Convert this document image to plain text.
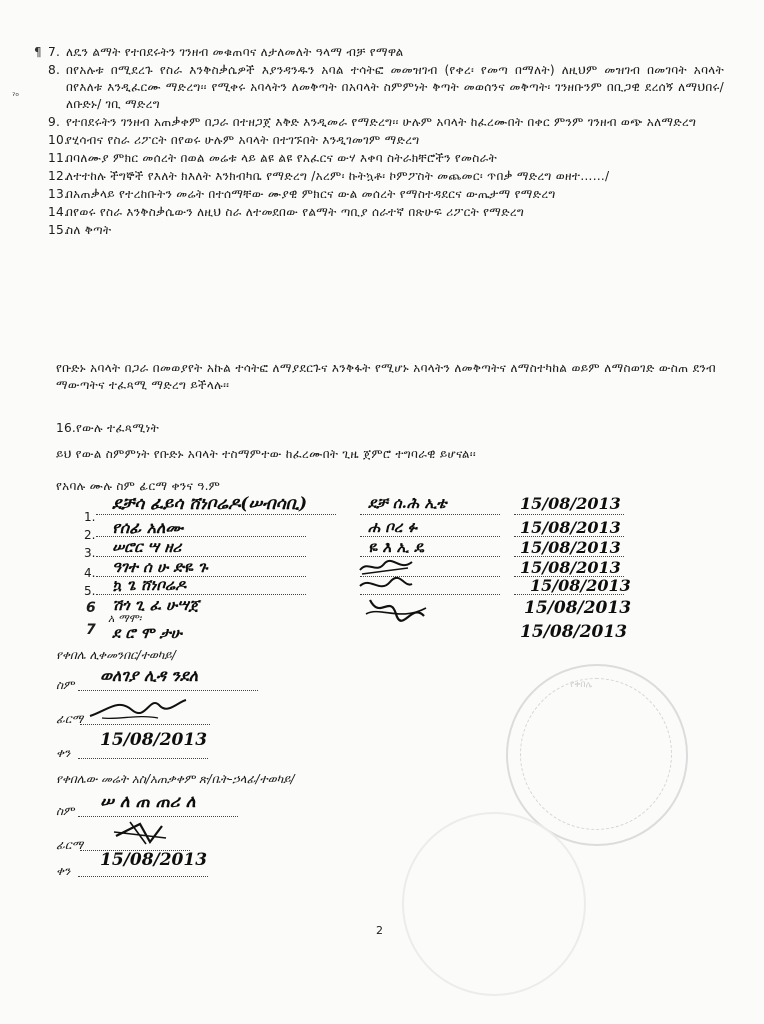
¶
ˀᵒ
7. ለዴን ልማት የተበደሩትን ገንዘብ መቁጠባና ለታለመለት ዓላማ ብቻ የማዋል
8. በየአሉቱ በሚደረጉ የስራ እንቅስቃሴዎች እያንዳንዱን አባል ተሳትፎ መመዝገብ (የቀረ፡ የመጣ በማለት) ለዚህም መዝገብ በመገባት አባላት በየእለቱ እንዲፈርሙ ማድረግ፡፡ የሚቀሩ አባላትን ለመቅጣት በአባላት ስምምነት ቅጣት መወሰንና መቅጣት፡ ገንዘቡንም በቢጋዊ ደረሰኝ ለማህበሩ/ለቡድኑ/ ገቢ ማድረግ
9. የተበደሩትን ገንዘብ አጠቃቀም በጋራ በተዘጋጀ እቅድ እንዲመራ የማድረግ፡፡ ሁሉም አባላት ከፈረሙበት በቀር ምንም ገንዘብ ወጭ አለማድረግ
10.
የሂሳብና የስራ ሪፖርት በየወሩ ሁሉም አባላት በተገኙበት እንዲገመገም ማድረግ
11.
በባለሙያ ምክር መሰረት በወል መሬቱ ላይ ልዩ ልዩ የአፈርና ውሃ እቀባ ስትራክቸሮችን የመስራት
12.
ለተተከሉ ችግኞች የእለት ክእለት እንክብካቤ የማድረግ /አረም፡ ኩትኳቶ፡ ኮምፖስት መጨመር፡ ጥበቃ ማድረግ ወዘተ……/
13.
በአጠቃላይ የተረከቡትን መሬት በተሰማቸው ሙያዊ ምክርና ውል መሰረት የማስተዳደርና ውጤታማ የማድረግ
14.
በየወሩ የስራ እንቅስቃሴውን ለዚህ ስራ ለተመደበው የልማት ጣቢያ ሰራተኛ በጽሁፍ ሪፖርት የማድረግ
15.
ስለ ቅጣት
የቡድኑ አባላት በጋራ በመወያየት አኩል ተሳትፎ ለማያደርጉና እንቅፋት የሚሆኑ አባላትን ለመቅጣትና ለማስተካከል ወይም ለማስወገድ ውስጠ ደንብ ማውጣትና ተፈጻሚ ማድረግ ይችላሉ፡፡
16.የውሉ ተፈጻሚነት
ይህ የውል ስምምነት የቡድኑ አባላት ተስማምተው ከፈረሙበት ጊዜ ጀምሮ ተግባራዊ ይሆናል፡፡
የአባሉ ሙሉ ስም ፊርማ ቀንና ዓ.ም
1.
ደቻሳ ፈይሳ ሸነቦሬዶ(ሠብሳቢ)	ደቻ ሰ.ሕ ኢቴ	15/08/2013
2. የሰፊ አለሙ	ሐ ቦረ ፉ	15/08/2013
3. ሠሮር ሣ ዘሪ	ዬ እ ኢ ዴ	15/08/2013
4. ዓገተ ሰ ሁ ድዬ ጉ	15/08/2013
5. ኳ ጌ ሸነቦሬዶ	15/08/2013
6 ሽጎ ጊ ፈ ሁሣጀ	15/08/2013
አ ማሞ፡
7 ደ ሮ ሞ ታሁ	15/08/2013
የቀበሌ ሊቀመንበር/ተወካይ/
ስም ወለገያ ሊዳ ንደለ
ፊርማ
ቀን
15/08/2013
የቀበሌው መሬት አስ/አጠቃቀም ጽ/ቤት-ኃላፊ/ተወካይ/
ስም ሠ ለ ጠ ጠሪ ለ
ፊርማ
ቀን
15/08/2013
የቀበሌ
2
